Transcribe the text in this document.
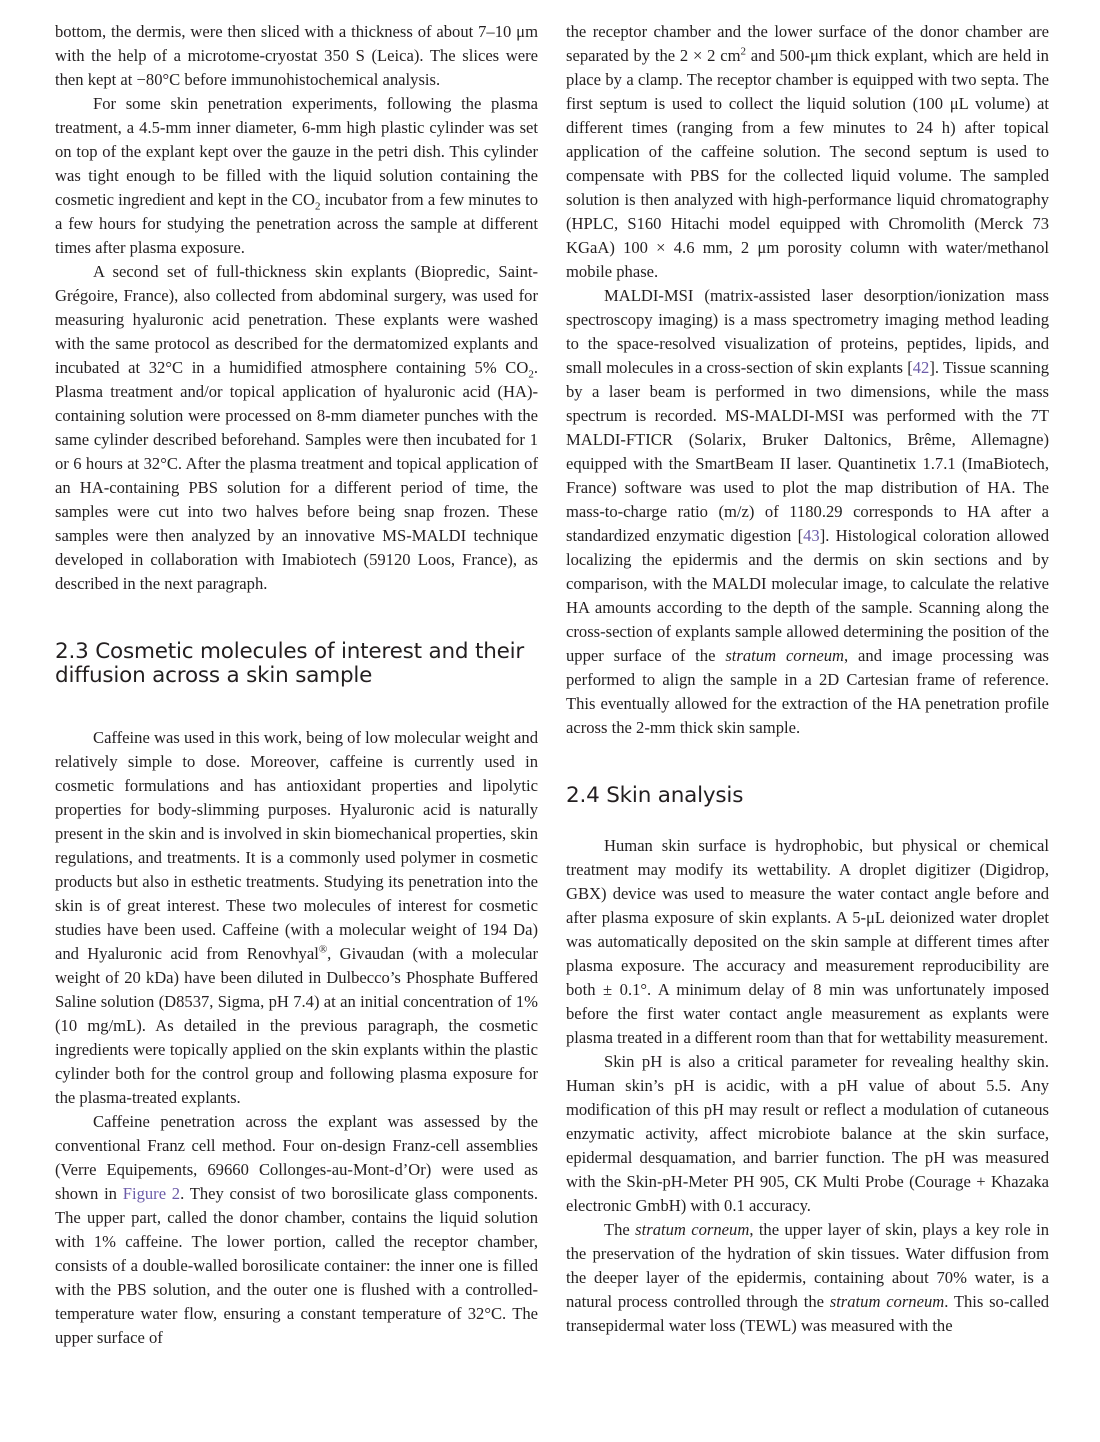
bottom, the dermis, were then sliced with a thickness of about 7–10 μm with the help of a microtome-cryostat 350 S (Leica). The slices were then kept at −80°C before immunohistochemical analysis.

For some skin penetration experiments, following the plasma treatment, a 4.5-mm inner diameter, 6-mm high plastic cylinder was set on top of the explant kept over the gauze in the petri dish. This cylinder was tight enough to be filled with the liquid solution containing the cosmetic ingredient and kept in the $CO_2$ incubator from a few minutes to a few hours for studying the penetration across the sample at different times after plasma exposure.

A second set of full-thickness skin explants (Biopredic, Saint-Grégoire, France), also collected from abdominal surgery, was used for measuring hyaluronic acid penetration. These explants were washed with the same protocol as described for the dermatomized explants and incubated at 32°C in a humidified atmosphere containing 5% $CO_2$. Plasma treatment and/or topical application of hyaluronic acid (HA)-containing solution were processed on 8-mm diameter punches with the same cylinder described beforehand. Samples were then incubated for 1 or 6 hours at 32°C. After the plasma treatment and topical application of an HA-containing PBS solution for a different period of time, the samples were cut into two halves before being snap frozen. These samples were then analyzed by an innovative MS-MALDI technique developed in collaboration with Imabiotech (59120 Loos, France), as described in the next paragraph.

2.3 Cosmetic molecules of interest and their diffusion across a skin sample

Caffeine was used in this work, being of low molecular weight and relatively simple to dose. Moreover, caffeine is currently used in cosmetic formulations and has antioxidant properties and lipolytic properties for body-slimming purposes. Hyaluronic acid is naturally present in the skin and is involved in skin biomechanical properties, skin regulations, and treatments. It is a commonly used polymer in cosmetic products but also in esthetic treatments. Studying its penetration into the skin is of great interest. These two molecules of interest for cosmetic studies have been used. Caffeine (with a molecular weight of 194 Da) and Hyaluronic acid from Renovhyal®, Givaudan (with a molecular weight of 20 kDa) have been diluted in Dulbecco’s Phosphate Buffered Saline solution (D8537, Sigma, pH 7.4) at an initial concentration of 1% (10 mg/mL). As detailed in the previous paragraph, the cosmetic ingredients were topically applied on the skin explants within the plastic cylinder both for the control group and following plasma exposure for the plasma-treated explants.

Caffeine penetration across the explant was assessed by the conventional Franz cell method. Four on-design Franz-cell assemblies (Verre Equipements, 69660 Collonges-au-Mont-d’Or) were used as shown in Figure 2. They consist of two borosilicate glass components. The upper part, called the donor chamber, contains the liquid solution with 1% caffeine. The lower portion, called the receptor chamber, consists of a double-walled borosilicate container: the inner one is filled with the PBS solution, and the outer one is flushed with a controlled-temperature water flow, ensuring a constant temperature of 32°C. The upper surface of

the receptor chamber and the lower surface of the donor chamber are separated by the 2 × 2 $cm^2$ and 500-μm thick explant, which are held in place by a clamp. The receptor chamber is equipped with two septa. The first septum is used to collect the liquid solution (100 μL volume) at different times (ranging from a few minutes to 24 h) after topical application of the caffeine solution. The second septum is used to compensate with PBS for the collected liquid volume. The sampled solution is then analyzed with high-performance liquid chromatography (HPLC, S160 Hitachi model equipped with Chromolith (Merck 73 KGaA) 100 × 4.6 mm, 2 μm porosity column with water/methanol mobile phase.

MALDI-MSI (matrix-assisted laser desorption/ionization mass spectroscopy imaging) is a mass spectrometry imaging method leading to the space-resolved visualization of proteins, peptides, lipids, and small molecules in a cross-section of skin explants [42]. Tissue scanning by a laser beam is performed in two dimensions, while the mass spectrum is recorded. MS-MALDI-MSI was performed with the 7T MALDI-FTICR (Solarix, Bruker Daltonics, Brême, Allemagne) equipped with the SmartBeam II laser. Quantinetix 1.7.1 (ImaBiotech, France) software was used to plot the map distribution of HA. The mass-to-charge ratio (m/z) of 1180.29 corresponds to HA after a standardized enzymatic digestion [43]. Histological coloration allowed localizing the epidermis and the dermis on skin sections and by comparison, with the MALDI molecular image, to calculate the relative HA amounts according to the depth of the sample. Scanning along the cross-section of explants sample allowed determining the position of the upper surface of the stratum corneum, and image processing was performed to align the sample in a 2D Cartesian frame of reference. This eventually allowed for the extraction of the HA penetration profile across the 2-mm thick skin sample.

2.4 Skin analysis

Human skin surface is hydrophobic, but physical or chemical treatment may modify its wettability. A droplet digitizer (Digidrop, GBX) device was used to measure the water contact angle before and after plasma exposure of skin explants. A 5-μL deionized water droplet was automatically deposited on the skin sample at different times after plasma exposure. The accuracy and measurement reproducibility are both ± 0.1°. A minimum delay of 8 min was unfortunately imposed before the first water contact angle measurement as explants were plasma treated in a different room than that for wettability measurement.

Skin pH is also a critical parameter for revealing healthy skin. Human skin’s pH is acidic, with a pH value of about 5.5. Any modification of this pH may result or reflect a modulation of cutaneous enzymatic activity, affect microbiote balance at the skin surface, epidermal desquamation, and barrier function. The pH was measured with the Skin-pH-Meter PH 905, CK Multi Probe (Courage + Khazaka electronic GmbH) with 0.1 accuracy.

The stratum corneum, the upper layer of skin, plays a key role in the preservation of the hydration of skin tissues. Water diffusion from the deeper layer of the epidermis, containing about 70% water, is a natural process controlled through the stratum corneum. This so-called transepidermal water loss (TEWL) was measured with the
